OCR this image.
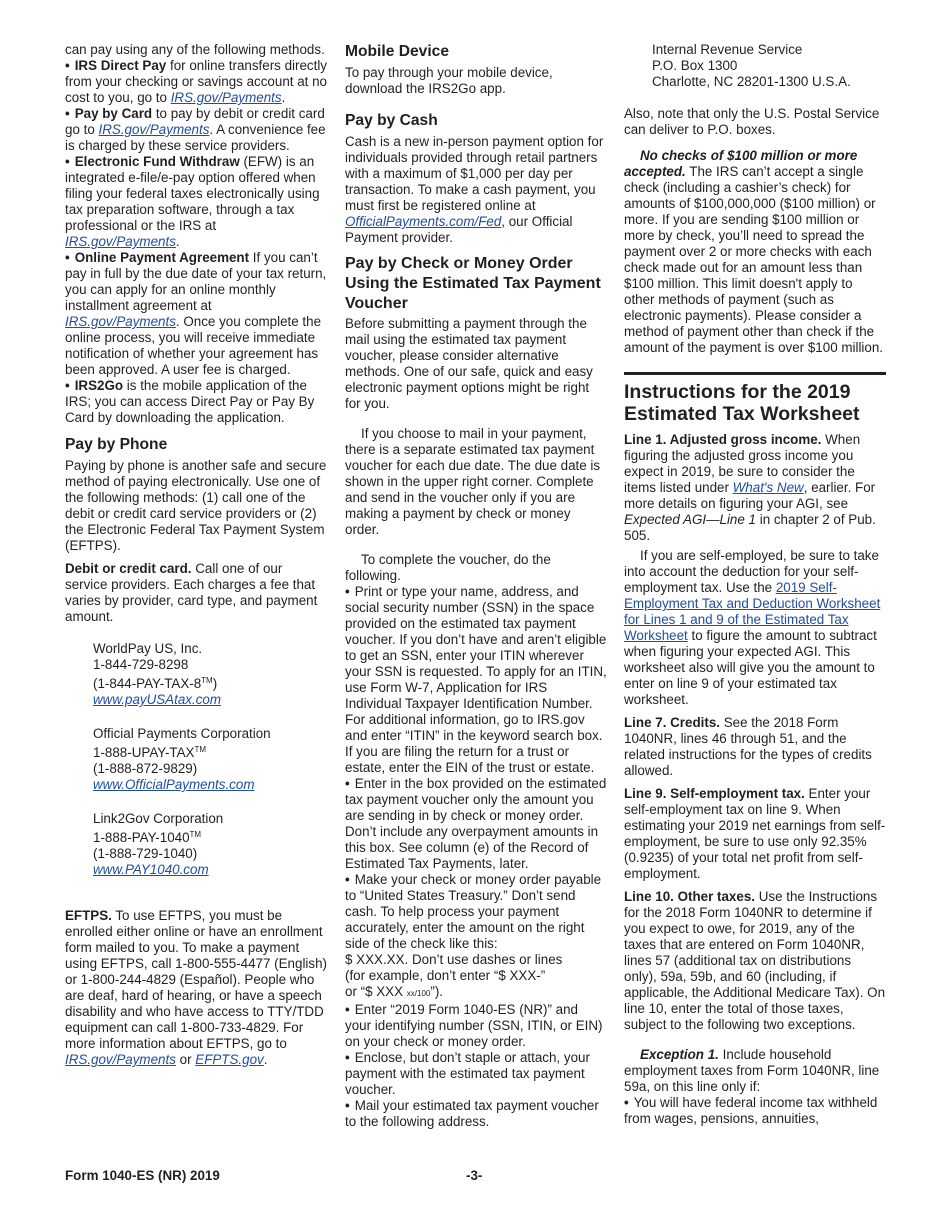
can pay using any of the following methods.

• IRS Direct Pay for online transfers directly from your checking or savings account at no cost to you, go to IRS.gov/Payments.

• Pay by Card to pay by debit or credit card go to IRS.gov/Payments. A convenience fee is charged by these service providers.

• Electronic Fund Withdraw (EFW) is an integrated e-file/e-pay option offered when filing your federal taxes electronically using tax preparation software, through a tax professional or the IRS at IRS.gov/Payments.

• Online Payment Agreement If you can’t pay in full by the due date of your tax return, you can apply for an online monthly installment agreement at IRS.gov/Payments. Once you complete the online process, you will receive immediate notification of whether your agreement has been approved. A user fee is charged.

• IRS2Go is the mobile application of the IRS; you can access Direct Pay or Pay By Card by downloading the application.

Pay by Phone

Paying by phone is another safe and secure method of paying electronically. Use one of the following methods: (1) call one of the debit or credit card service providers or (2) the Electronic Federal Tax Payment System (EFTPS).

Debit or credit card. Call one of our service providers. Each charges a fee that varies by provider, card type, and payment amount.

WorldPay US, Inc.

1-844-729-8298

(1-844-PAY-TAX-8™)

www.payUSAtax.com

Official Payments Corporation

1-888-UPAY-TAX™

(1-888-872-9829)

www.OfficialPayments.com

Link2Gov Corporation

1-888-PAY-1040™

(1-888-729-1040)

www.PAY1040.com

EFTPS. To use EFTPS, you must be enrolled either online or have an enrollment form mailed to you. To make a payment using EFTPS, call 1-800-555-4477 (English) or 1-800-244-4829 (Español). People who are deaf, hard of hearing, or have a speech disability and who have access to TTY/TDD equipment can call 1-800-733-4829. For more information about EFTPS, go to IRS.gov/Payments or EFPTS.gov.

Mobile Device

To pay through your mobile device, download the IRS2Go app.

Pay by Cash

Cash is a new in-person payment option for individuals provided through retail partners with a maximum of $1,000 per day per transaction. To make a cash payment, you must first be registered online at OfficialPayments.com/Fed, our Official Payment provider.

Pay by Check or Money Order Using the Estimated Tax Payment Voucher

Before submitting a payment through the mail using the estimated tax payment voucher, please consider alternative methods. One of our safe, quick and easy electronic payment options might be right for you.

If you choose to mail in your payment, there is a separate estimated tax payment voucher for each due date. The due date is shown in the upper right corner. Complete and send in the voucher only if you are making a payment by check or money order.

To complete the voucher, do the following.

• Print or type your name, address, and social security number (SSN) in the space provided on the estimated tax payment voucher. If you don’t have and aren’t eligible to get an SSN, enter your ITIN wherever your SSN is requested. To apply for an ITIN, use Form W-7, Application for IRS Individual Taxpayer Identification Number. For additional information, go to IRS.gov and enter “ITIN” in the keyword search box. If you are filing the return for a trust or estate, enter the EIN of the trust or estate.

• Enter in the box provided on the estimated tax payment voucher only the amount you are sending in by check or money order. Don’t include any overpayment amounts in this box. See column (e) of the Record of Estimated Tax Payments, later.

• Make your check or money order payable to “United States Treasury.” Don’t send cash. To help process your payment accurately, enter the amount on the right side of the check like this:
$ XXX.XX. Don’t use dashes or lines
(for example, don’t enter “$ XXX-”
or “$ XXX xx/100”).

• Enter “2019 Form 1040-ES (NR)” and your identifying number (SSN, ITIN, or EIN) on your check or money order.

• Enclose, but don’t staple or attach, your payment with the estimated tax payment voucher.

• Mail your estimated tax payment voucher to the following address.

Internal Revenue Service

P.O. Box 1300

Charlotte, NC 28201-1300 U.S.A.

Also, note that only the U.S. Postal Service can deliver to P.O. boxes.

No checks of $100 million or more accepted. The IRS can’t accept a single check (including a cashier’s check) for amounts of $100,000,000 ($100 million) or more. If you are sending $100 million or more by check, you’ll need to spread the payment over 2 or more checks with each check made out for an amount less than $100 million. This limit doesn't apply to other methods of payment (such as electronic payments). Please consider a method of payment other than check if the amount of the payment is over $100 million.

Instructions for the 2019 Estimated Tax Worksheet

Line 1. Adjusted gross income. When figuring the adjusted gross income you expect in 2019, be sure to consider the items listed under What's New, earlier. For more details on figuring your AGI, see Expected AGI—Line 1 in chapter 2 of Pub. 505.

If you are self-employed, be sure to take into account the deduction for your self-employment tax. Use the 2019 Self-Employment Tax and Deduction Worksheet for Lines 1 and 9 of the Estimated Tax Worksheet to figure the amount to subtract when figuring your expected AGI. This worksheet also will give you the amount to enter on line 9 of your estimated tax worksheet.

Line 7. Credits. See the 2018 Form 1040NR, lines 46 through 51, and the related instructions for the types of credits allowed.

Line 9. Self-employment tax. Enter your self-employment tax on line 9. When estimating your 2019 net earnings from self-employment, be sure to use only 92.35% (0.9235) of your total net profit from self-employment.

Line 10. Other taxes. Use the Instructions for the 2018 Form 1040NR to determine if you expect to owe, for 2019, any of the taxes that are entered on Form 1040NR, lines 57 (additional tax on distributions only), 59a, 59b, and 60 (including, if applicable, the Additional Medicare Tax). On line 10, enter the total of those taxes, subject to the following two exceptions.

Exception 1. Include household employment taxes from Form 1040NR, line 59a, on this line only if:

• You will have federal income tax withheld from wages, pensions, annuities,

Form 1040-ES (NR) 2019	-3-
